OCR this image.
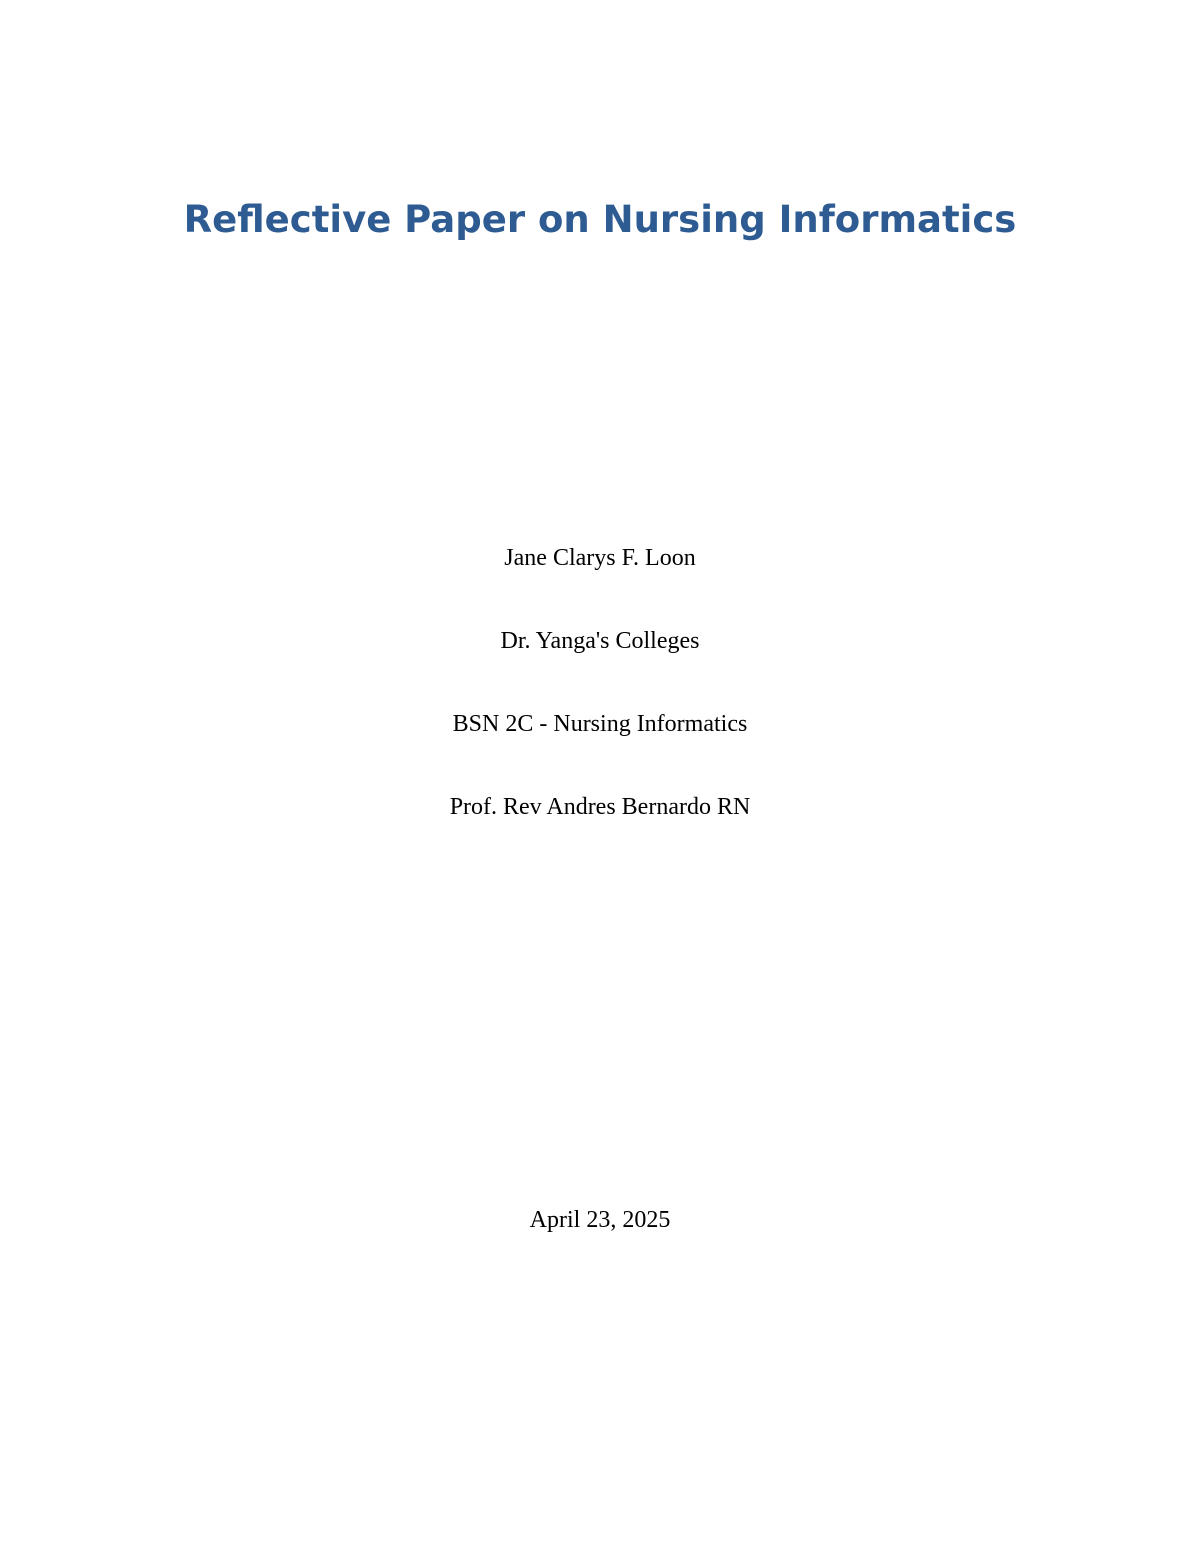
Reflective Paper on Nursing Informatics

Jane Clarys F. Loon

Dr. Yanga's Colleges

BSN 2C - Nursing Informatics

Prof. Rev Andres Bernardo RN

April 23, 2025
